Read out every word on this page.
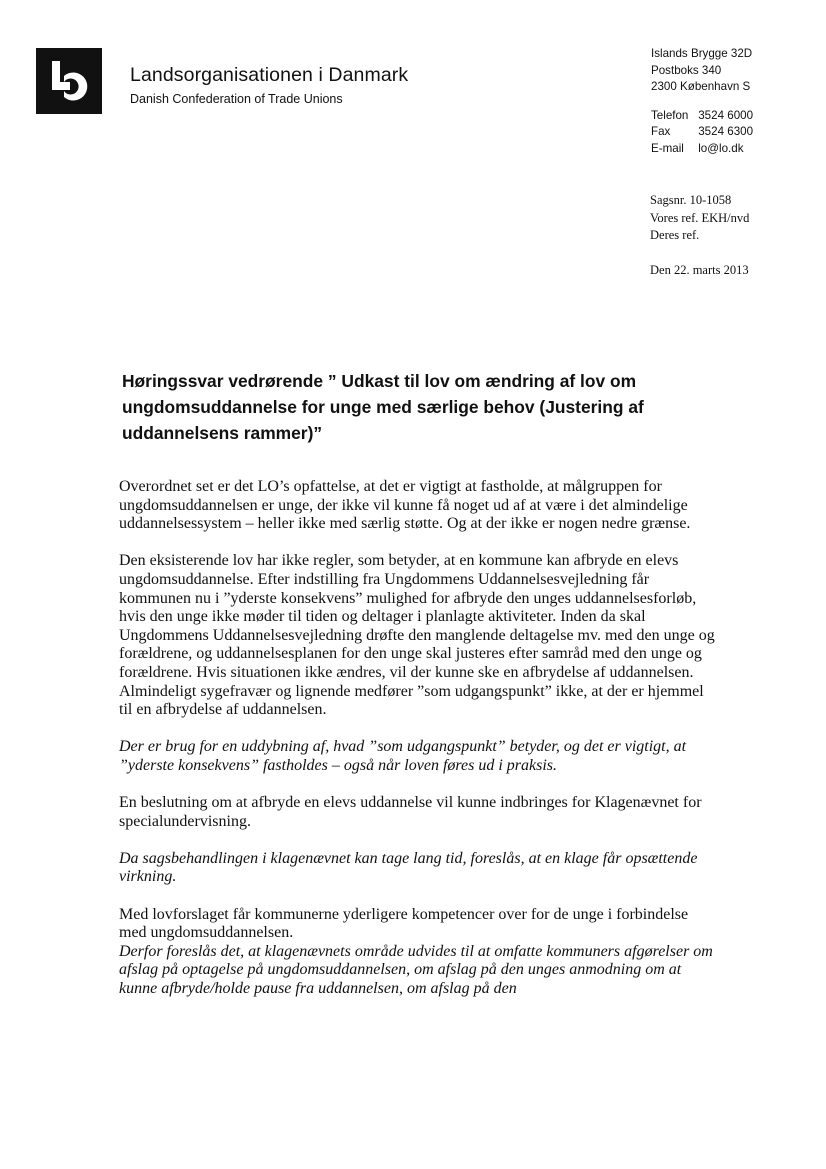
Landsorganisationen i Danmark
Danish Confederation of Trade Unions
Islands Brygge 32D
Postboks 340
2300 København S
Telefon 3524 6000
Fax 3524 6300
E-mail lo@lo.dk
Sagsnr. 10-1058
Vores ref. EKH/nvd
Deres ref.
Den 22. marts 2013
Høringssvar vedrørende ” Udkast til lov om ændring af lov om ungdomsuddannelse for unge med særlige behov (Justering af uddannelsens rammer)”

Overordnet set er det LO’s opfattelse, at det er vigtigt at fastholde, at målgruppen for ungdomsuddannelsen er unge, der ikke vil kunne få noget ud af at være i det almindelige uddannelsessystem – heller ikke med særlig støtte. Og at der ikke er nogen nedre grænse.

Den eksisterende lov har ikke regler, som betyder, at en kommune kan afbryde en elevs ungdomsuddannelse. Efter indstilling fra Ungdommens Uddannelsesvejledning får kommunen nu i ”yderste konsekvens” mulighed for afbryde den unges uddannelsesforløb, hvis den unge ikke møder til tiden og deltager i planlagte aktiviteter. Inden da skal Ungdommens Uddannelsesvejledning drøfte den manglende deltagelse mv. med den unge og forældrene, og uddannelsesplanen for den unge skal justeres efter samråd med den unge og forældrene. Hvis situationen ikke ændres, vil der kunne ske en afbrydelse af uddannelsen. Almindeligt sygefravær og lignende medfører ”som udgangspunkt” ikke, at der er hjemmel til en afbrydelse af uddannelsen.

Der er brug for en uddybning af, hvad ”som udgangspunkt” betyder, og det er vigtigt, at ”yderste konsekvens” fastholdes – også når loven føres ud i praksis.

En beslutning om at afbryde en elevs uddannelse vil kunne indbringes for Klagenævnet for specialundervisning.

Da sagsbehandlingen i klagenævnet kan tage lang tid, foreslås, at en klage får opsættende virkning.

Med lovforslaget får kommunerne yderligere kompetencer over for de unge i forbindelse med ungdomsuddannelsen.

Derfor foreslås det, at klagenævnets område udvides til at omfatte kommuners afgørelser om afslag på optagelse på ungdomsuddannelsen, om afslag på den unges anmodning om at kunne afbryde/holde pause fra uddannelsen, om afslag på den
